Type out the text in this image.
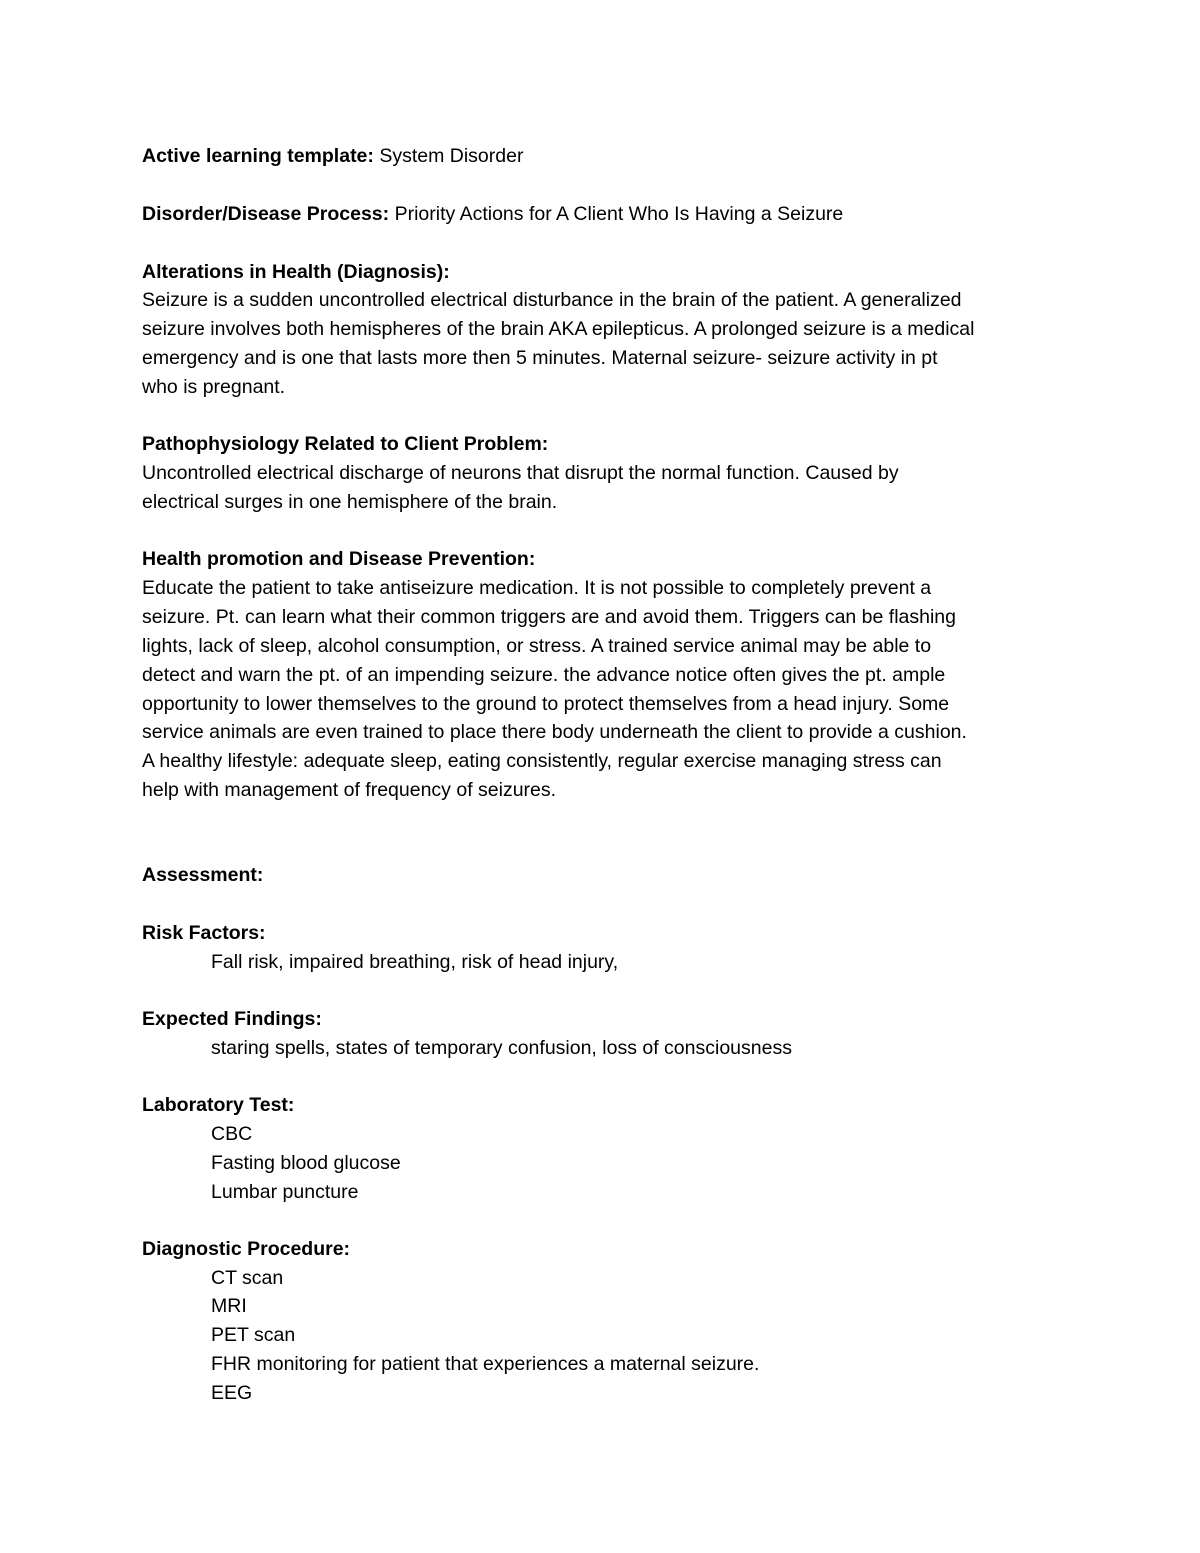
Active learning template: System Disorder
Disorder/Disease Process: Priority Actions for A Client Who Is Having a Seizure
Alterations in Health (Diagnosis):
Seizure is a sudden uncontrolled electrical disturbance in the brain of the patient. A generalized
seizure involves both hemispheres of the brain AKA epilepticus. A prolonged seizure is a medical
emergency and is one that lasts more then 5 minutes. Maternal seizure- seizure activity in pt
who is pregnant.
Pathophysiology Related to Client Problem:
Uncontrolled electrical discharge of neurons that disrupt the normal function. Caused by
electrical surges in one hemisphere of the brain.
Health promotion and Disease Prevention:
Educate the patient to take antiseizure medication. It is not possible to completely prevent a
seizure. Pt. can learn what their common triggers are and avoid them. Triggers can be flashing
lights, lack of sleep, alcohol consumption, or stress. A trained service animal may be able to
detect and warn the pt. of an impending seizure. the advance notice often gives the pt. ample
opportunity to lower themselves to the ground to protect themselves from a head injury. Some
service animals are even trained to place there body underneath the client to provide a cushion.
A healthy lifestyle: adequate sleep, eating consistently, regular exercise managing stress can
help with management of frequency of seizures.
Assessment:
Risk Factors:
Fall risk, impaired breathing, risk of head injury,
Expected Findings:
staring spells, states of temporary confusion, loss of consciousness
Laboratory Test:
CBC
Fasting blood glucose
Lumbar puncture
Diagnostic Procedure:
CT scan
MRI
PET scan
FHR monitoring for patient that experiences a maternal seizure.
EEG
